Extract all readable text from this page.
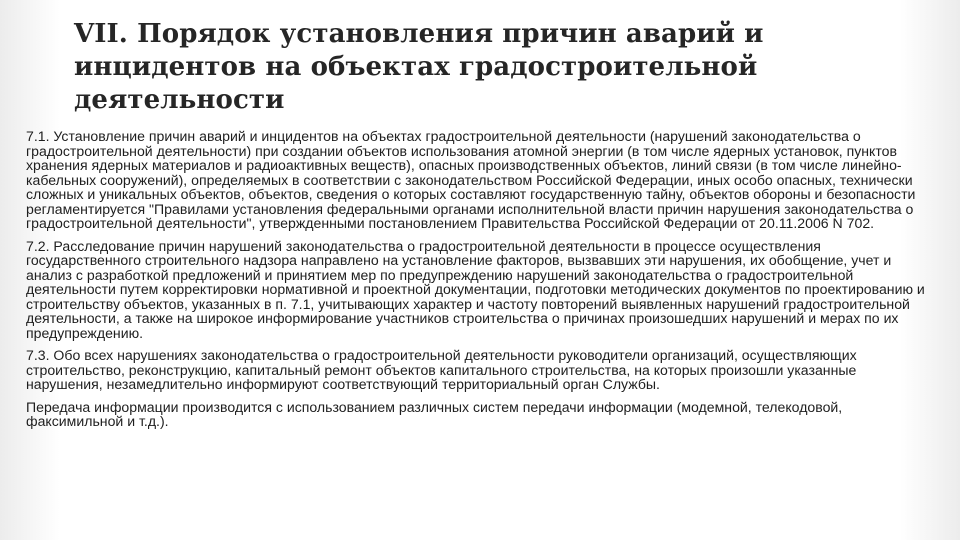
VII. Порядок установления причин аварий и инцидентов на объектах градостроительной деятельности

7.1. Установление причин аварий и инцидентов на объектах градостроительной деятельности (нарушений законодательства о градостроительной деятельности) при создании объектов использования атомной энергии (в том числе ядерных установок, пунктов хранения ядерных материалов и радиоактивных веществ), опасных производственных объектов, линий связи (в том числе линейно-кабельных сооружений), определяемых в соответствии с законодательством Российской Федерации, иных особо опасных, технически сложных и уникальных объектов, объектов, сведения о которых составляют государственную тайну, объектов обороны и безопасности регламентируется "Правилами установления федеральными органами исполнительной власти причин нарушения законодательства о градостроительной деятельности", утвержденными постановлением Правительства Российской Федерации от 20.11.2006 N 702.

7.2. Расследование причин нарушений законодательства о градостроительной деятельности в процессе осуществления государственного строительного надзора направлено на установление факторов, вызвавших эти нарушения, их обобщение, учет и анализ с разработкой предложений и принятием мер по предупреждению нарушений законодательства о градостроительной деятельности путем корректировки нормативной и проектной документации, подготовки методических документов по проектированию и строительству объектов, указанных в п. 7.1, учитывающих характер и частоту повторений выявленных нарушений градостроительной деятельности, а также на широкое информирование участников строительства о причинах произошедших нарушений и мерах по их предупреждению.

7.3. Обо всех нарушениях законодательства о градостроительной деятельности руководители организаций, осуществляющих строительство, реконструкцию, капитальный ремонт объектов капитального строительства, на которых произошли указанные нарушения, незамедлительно информируют соответствующий территориальный орган Службы.

Передача информации производится с использованием различных систем передачи информации (модемной, телекодовой, факсимильной и т.д.).
